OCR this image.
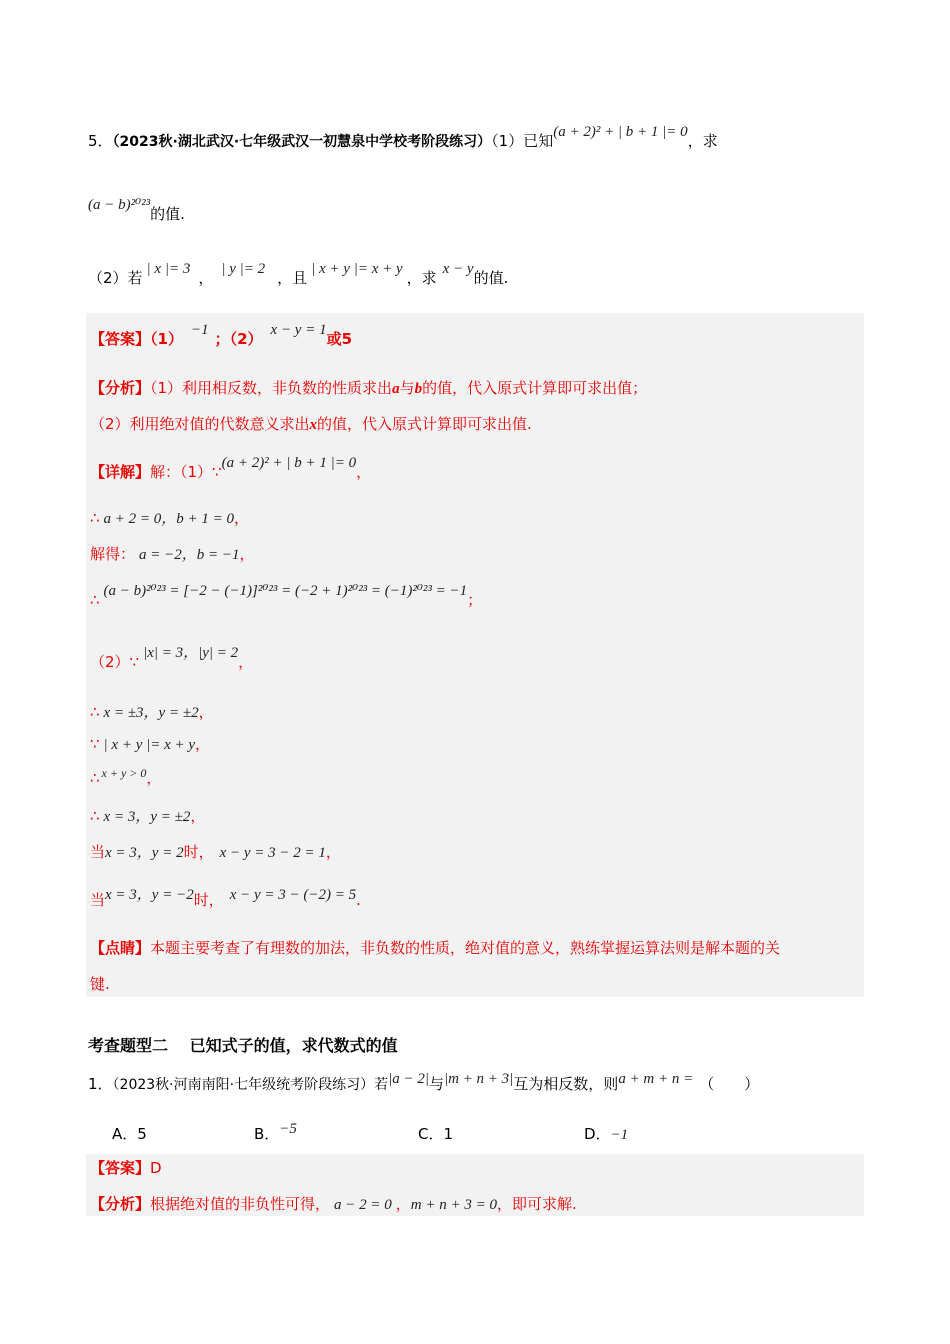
5．（2023秋·湖北武汉·七年级武汉一初慧泉中学校考阶段练习）（1）已知(a + 2)² + | b + 1 |= 0，求
(a − b)²⁰²³的值.
（2）若 | x |= 3 ， | y |= 2 ，且 | x + y |= x + y ，求 x − y的值.
【答案】（1） −1 ；（2） x − y = 1或5
【分析】（1）利用相反数，非负数的性质求出a与b的值，代入原式计算即可求出值；
（2）利用绝对值的代数意义求出x的值，代入原式计算即可求出值.
【详解】解：（1）∵(a + 2)² + | b + 1 |= 0，
∴ a + 2 = 0，b + 1 = 0，
解得： a = −2，b = −1，
∴ (a − b)²⁰²³ = [−2 − (−1)]²⁰²³ = (−2 + 1)²⁰²³ = (−1)²⁰²³ = −1；
（2）∵ |x| = 3，|y| = 2，
∴ x = ±3，y = ±2，
∵ | x + y |= x + y，
∴ $^{x + y > 0}$，
∴ x = 3，y = ±2，
当x = 3，y = 2时， x − y = 3 − 2 = 1，
当x = 3，y = −2时， x − y = 3 − (−2) = 5.
【点睛】本题主要考查了有理数的加法，非负数的性质，绝对值的意义，熟练掌握运算法则是解本题的关
键.
考查题型二　 已知式子的值，求代数式的值
1．（2023秋·河南南阳·七年级统考阶段练习）若|a − 2|与|m + n + 3|互为相反数，则a + m + n = （　　）
A．5	B．−5	C．1	D．−1
【答案】D
【分析】根据绝对值的非负性可得， a − 2 = 0 ，m + n + 3 = 0，即可求解.
